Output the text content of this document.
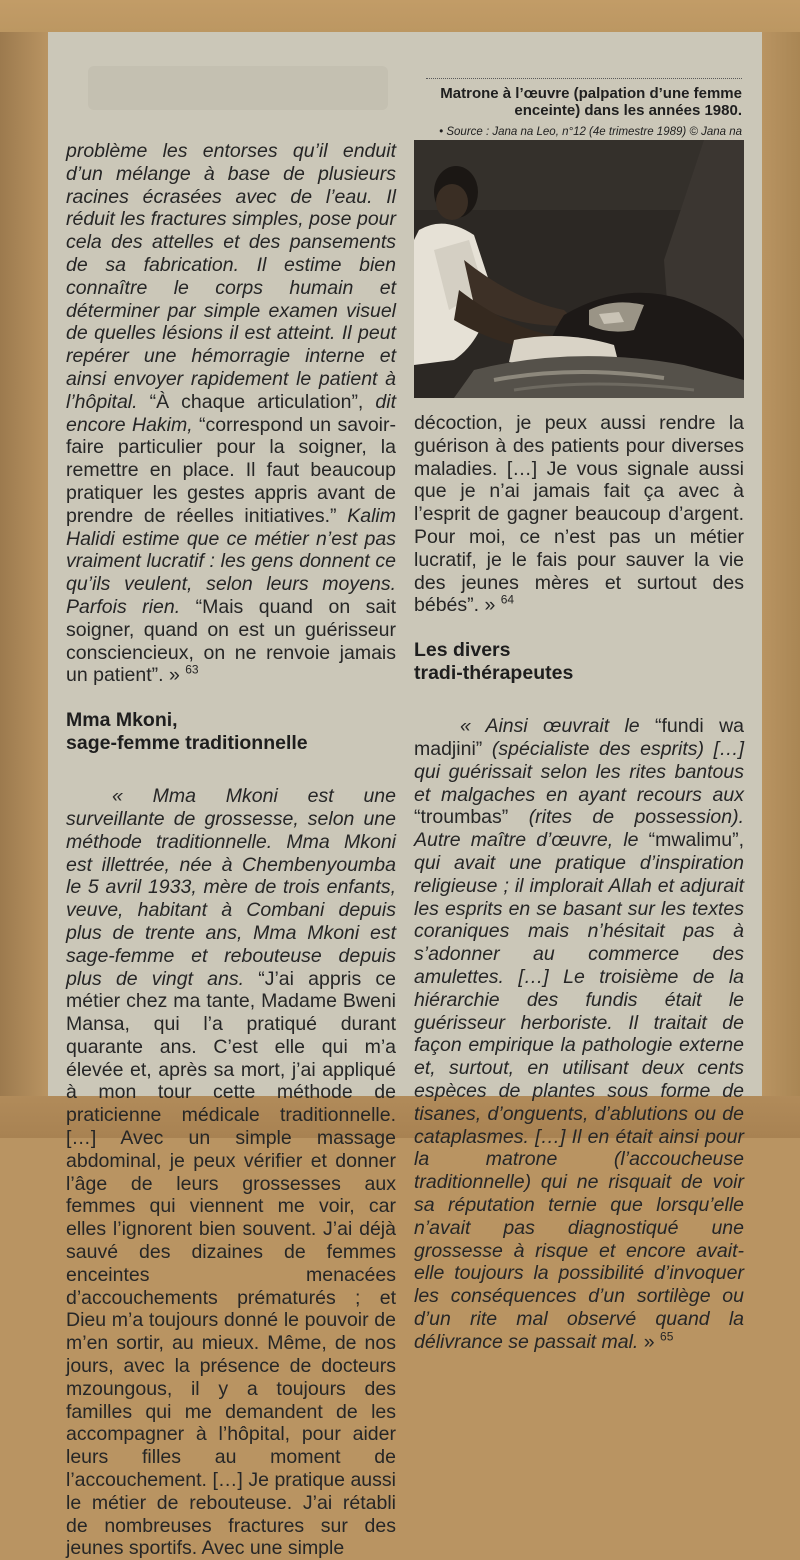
Matrone à l’œuvre (palpation d’une femme enceinte) dans les années 1980.
• Source : Jana na Leo, n°12 (4e trimestre 1989) © Jana na

problème les entorses qu’il enduit d’un mélange à base de plusieurs racines écrasées avec de l’eau. Il réduit les fractures simples, pose pour cela des attelles et des pansements de sa fabrication. Il estime bien connaître le corps humain et déterminer par simple examen visuel de quelles lésions il est atteint. Il peut repérer une hémorragie interne et ainsi envoyer rapidement le patient à l’hôpital. “À chaque articulation”, dit encore Hakim, “correspond un savoir-faire particulier pour la soigner, la remettre en place. Il faut beaucoup pratiquer les gestes appris avant de prendre de réelles initiatives.” Kalim Halidi estime que ce métier n’est pas vraiment lucratif : les gens donnent ce qu’ils veulent, selon leurs moyens. Parfois rien. “Mais quand on sait soigner, quand on est un guérisseur consciencieux, on ne renvoie jamais un patient”. » $^{63}$

Mma Mkoni,
sage-femme traditionnelle

« Mma Mkoni est une surveillante de grossesse, selon une méthode traditionnelle. Mma Mkoni est illettrée, née à Chembenyoumba le 5 avril 1933, mère de trois enfants, veuve, habitant à Combani depuis plus de trente ans, Mma Mkoni est sage-femme et rebouteuse depuis plus de vingt ans. “J’ai appris ce métier chez ma tante, Madame Bweni Mansa, qui l’a pratiqué durant quarante ans. C’est elle qui m’a élevée et, après sa mort, j’ai appliqué à mon tour cette méthode de praticienne médicale traditionnelle. […] Avec un simple massage abdominal, je peux vérifier et donner l’âge de leurs grossesses aux femmes qui viennent me voir, car elles l’ignorent bien souvent. J’ai déjà sauvé des dizaines de femmes enceintes menacées d’accouchements prématurés ; et Dieu m’a toujours donné le pouvoir de m’en sortir, au mieux. Même, de nos jours, avec la présence de docteurs mzoungous, il y a toujours des familles qui me demandent de les accompagner à l’hôpital, pour aider leurs filles au moment de l’accouchement. […] Je pratique aussi le métier de rebouteuse. J’ai rétabli de nombreuses fractures sur des jeunes sportifs. Avec une simple

décoction, je peux aussi rendre la guérison à des patients pour diverses maladies. […] Je vous signale aussi que je n’ai jamais fait ça avec à l’esprit de gagner beaucoup d’argent. Pour moi, ce n’est pas un métier lucratif, je le fais pour sauver la vie des jeunes mères et surtout des bébés”. » $^{64}$

Les divers
tradi-thérapeutes

« Ainsi œuvrait le “fundi wa madjini” (spécialiste des esprits) […] qui guérissait selon les rites bantous et malgaches en ayant recours aux “troumbas” (rites de possession). Autre maître d’œuvre, le “mwalimu”, qui avait une pratique d’inspiration religieuse ; il implorait Allah et adjurait les esprits en se basant sur les textes coraniques mais n’hésitait pas à s’adonner au commerce des amulettes. […] Le troisième de la hiérarchie des fundis était le guérisseur herboriste. Il traitait de façon empirique la pathologie externe et, surtout, en utilisant deux cents espèces de plantes sous forme de tisanes, d’onguents, d’ablutions ou de cataplasmes. […] Il en était ainsi pour la matrone (l’accoucheuse traditionnelle) qui ne risquait de voir sa réputation ternie que lorsqu’elle n’avait pas diagnostiqué une grossesse à risque et encore avait-elle toujours la possibilité d’invoquer les conséquences d’un sortilège ou d’un rite mal observé quand la délivrance se passait mal. » $^{65}$
